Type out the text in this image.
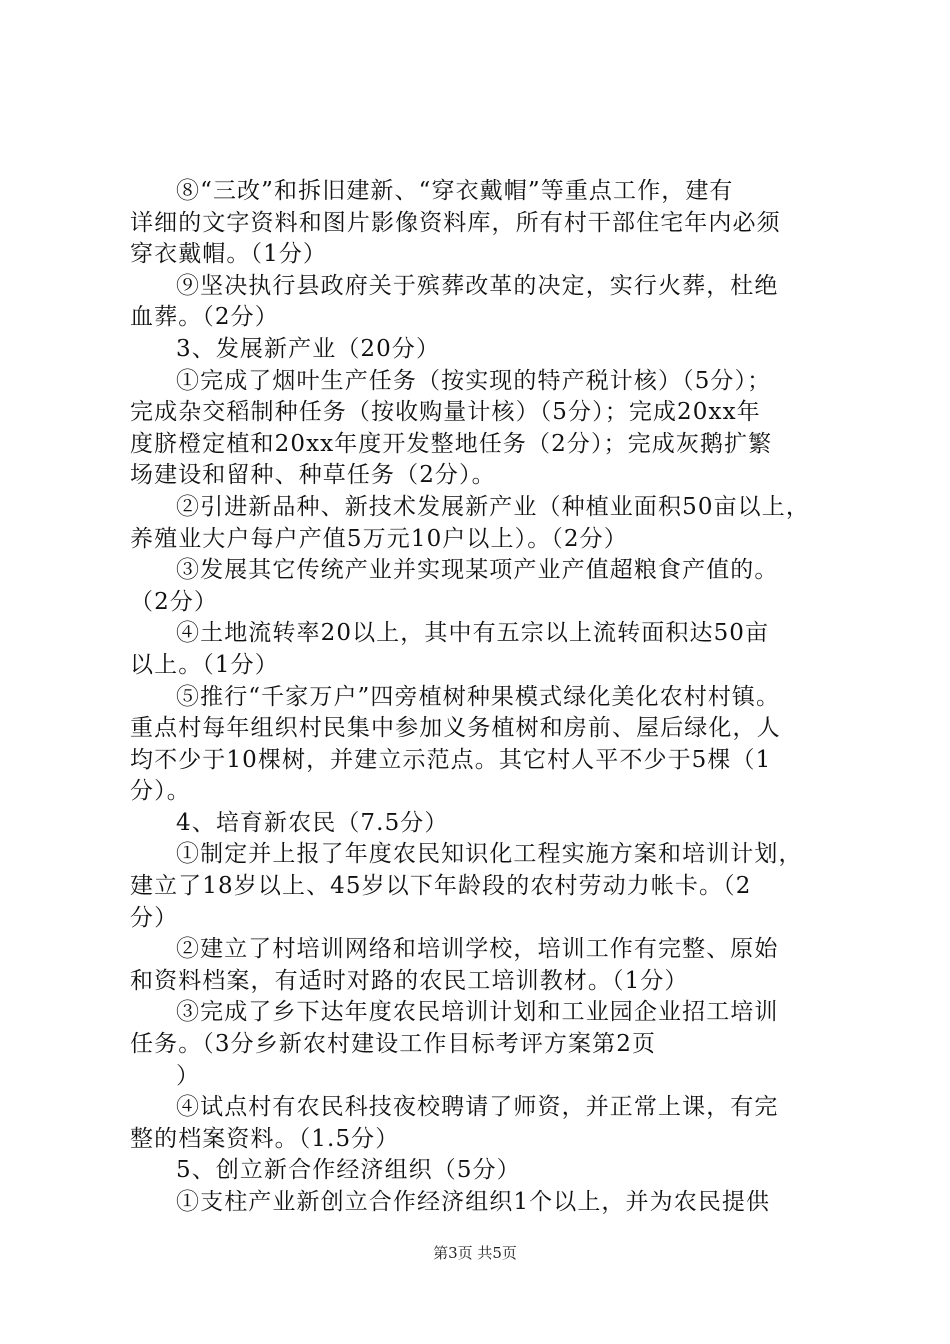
⑧“三改”和拆旧建新、“穿衣戴帽”等重点工作，建有
详细的文字资料和图片影像资料库，所有村干部住宅年内必须
穿衣戴帽。（1分）
⑨坚决执行县政府关于殡葬改革的决定，实行火葬，杜绝
血葬。（2分）
3、发展新产业（20分）
①完成了烟叶生产任务（按实现的特产税计核）（5分）；
完成杂交稻制种任务（按收购量计核）（5分）；完成20xx年
度脐橙定植和20xx年度开发整地任务（2分）；完成灰鹅扩繁
场建设和留种、种草任务（2分）。
②引进新品种、新技术发展新产业（种植业面积50亩以上，
养殖业大户每户产值5万元10户以上）。（2分）
③发展其它传统产业并实现某项产业产值超粮食产值的。
（2分）
④土地流转率20以上，其中有五宗以上流转面积达50亩
以上。（1分）
⑤推行“千家万户”四旁植树种果模式绿化美化农村村镇。
重点村每年组织村民集中参加义务植树和房前、屋后绿化，人
均不少于10棵树，并建立示范点。其它村人平不少于5棵（1
分）。
4、培育新农民（7.5分）
①制定并上报了年度农民知识化工程实施方案和培训计划，
建立了18岁以上、45岁以下年龄段的农村劳动力帐卡。（2
分）
②建立了村培训网络和培训学校，培训工作有完整、原始
和资料档案，有适时对路的农民工培训教材。（1分）
③完成了乡下达年度农民培训计划和工业园企业招工培训
任务。（3分乡新农村建设工作目标考评方案第2页
）
④试点村有农民科技夜校聘请了师资，并正常上课，有完
整的档案资料。（1.5分）
5、创立新合作经济组织（5分）
①支柱产业新创立合作经济组织1个以上，并为农民提供
第3页 共5页
